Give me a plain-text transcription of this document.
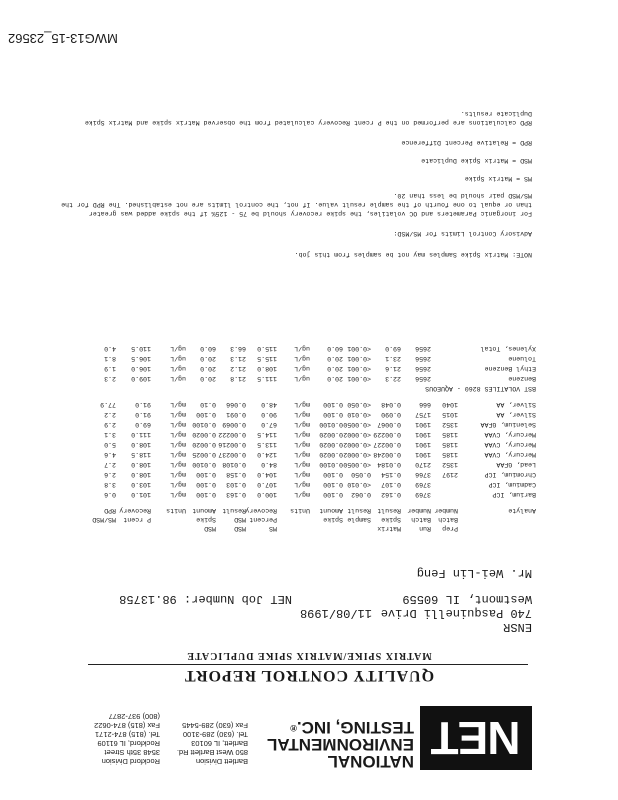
NET
NATIONAL
ENVIRONMENTAL
TESTING, INC.®
Bartlett Division
850 West Bartlett Rd.
Bartlett, IL 60103
Tel. (630) 289-3100
Fax (630) 289-5445
Rockford Division
3548 35th Street
Rockford, IL 61109
Tel. (815) 874-2171
Fax (815) 874-0622
(800) 937-2877
QUALITY CONTROL REPORT
MATRIX SPIKE/MATRIX SPIKE DUPLICATE
ENSR
740 Pasquinelli Drive
Westmont, IL 60559
Mr. Wei-Lin Feng
11/08/1998
NET Job Number: 98.13758
Prep
Run
Matrix
MS
MSD
MSD
Batch
Batch
Spike
Sample
Spike
Percent
MSD
Spike
P rcent
MS/MSD
Analyte
Number
Number
Result
Result
Amount
Units
Recovery
Result
Amount
Units
Recovery
RPD
Barium, ICP
3769
0.162
0.062
0.100
mg/L
100.0
0.163
0.100
mg/L
101.0
0.6
Cadmium, ICP
3769
0.107
<0.010
0.100
mg/L
107.0
0.103
0.100
mg/L
103.0
3.8
Chromium, ICP
2197
3766
0.154
0.050
0.100
mg/L
104.0
0.158
0.100
mg/L
108.0
2.6
Lead, GFAA
1352
2170
0.0184
<0.0050
0.0100
mg/L
84.0
0.0108
0.0100
mg/L
108.0
2.7
Mercury, CVAA
1185
1901
0.00248
<0.0002
0.0020
mg/L
124.0
0.00237
0.0025
mg/L
118.5
4.6
Mercury, CVAA
1185
1901
0.00227
<0.0002
0.0020
mg/L
113.5
0.00216
0.0020
mg/L
108.0
5.0
Mercury, CVAA
1185
1901
0.00229
<0.0002
0.0020
mg/L
114.5
0.00222
0.0020
mg/L
111.0
3.1
Selenium, GFAA
1352
1901
0.0067
<0.0050
0.0100
mg/L
67.0
0.0069
0.0100
mg/L
69.0
2.9
Silver, AA
1015
1757
0.090
<0.010
0.100
mg/L
90.0
0.091
0.100
mg/L
91.0
2.2
Silver, AA
1040
666
0.048
<0.050
0.100
mg/L
48.0
0.066
0.10
mg/L
91.0
77.9
BST VOLATILES 8260 - AQUEOUS
Benzene
2656
22.3
<0.001
20.0
ug/L
111.5
21.8
20.0
ug/L
109.0
2.3
Ethyl Benzene
2656
21.6
<0.001
20.0
ug/L
108.0
21.2
20.0
ug/L
106.0
1.9
Toluene
2656
23.1
<0.001
20.0
ug/L
115.5
21.3
20.0
ug/L
106.5
8.1
Xylenes, Total
2656
69.0
<0.001
60.0
ug/L
115.0
66.3
60.0
ug/L
110.5
4.0
NOTE: Matrix Spike Samples may not be samples from this job.
Advisory Control Limits for MS/MSD:
For inorganic Parameters and OC volatiles, the spike recovery should be 75 - 125% if the spike added was greater
than or equal to one fourth of the sample result value. If not, the control limits are not established. The RPD for the
MS/MSD pair should be less than 20.
MS = Matrix Spike
MSD = Matrix Spike Duplicate
RPD = Relative Percent Difference
RPD calculations are performed on the P rcent Recovery calculated from the observed Matrix spike and Matrix Spike
Duplicate results.
MWG13-15_23562
